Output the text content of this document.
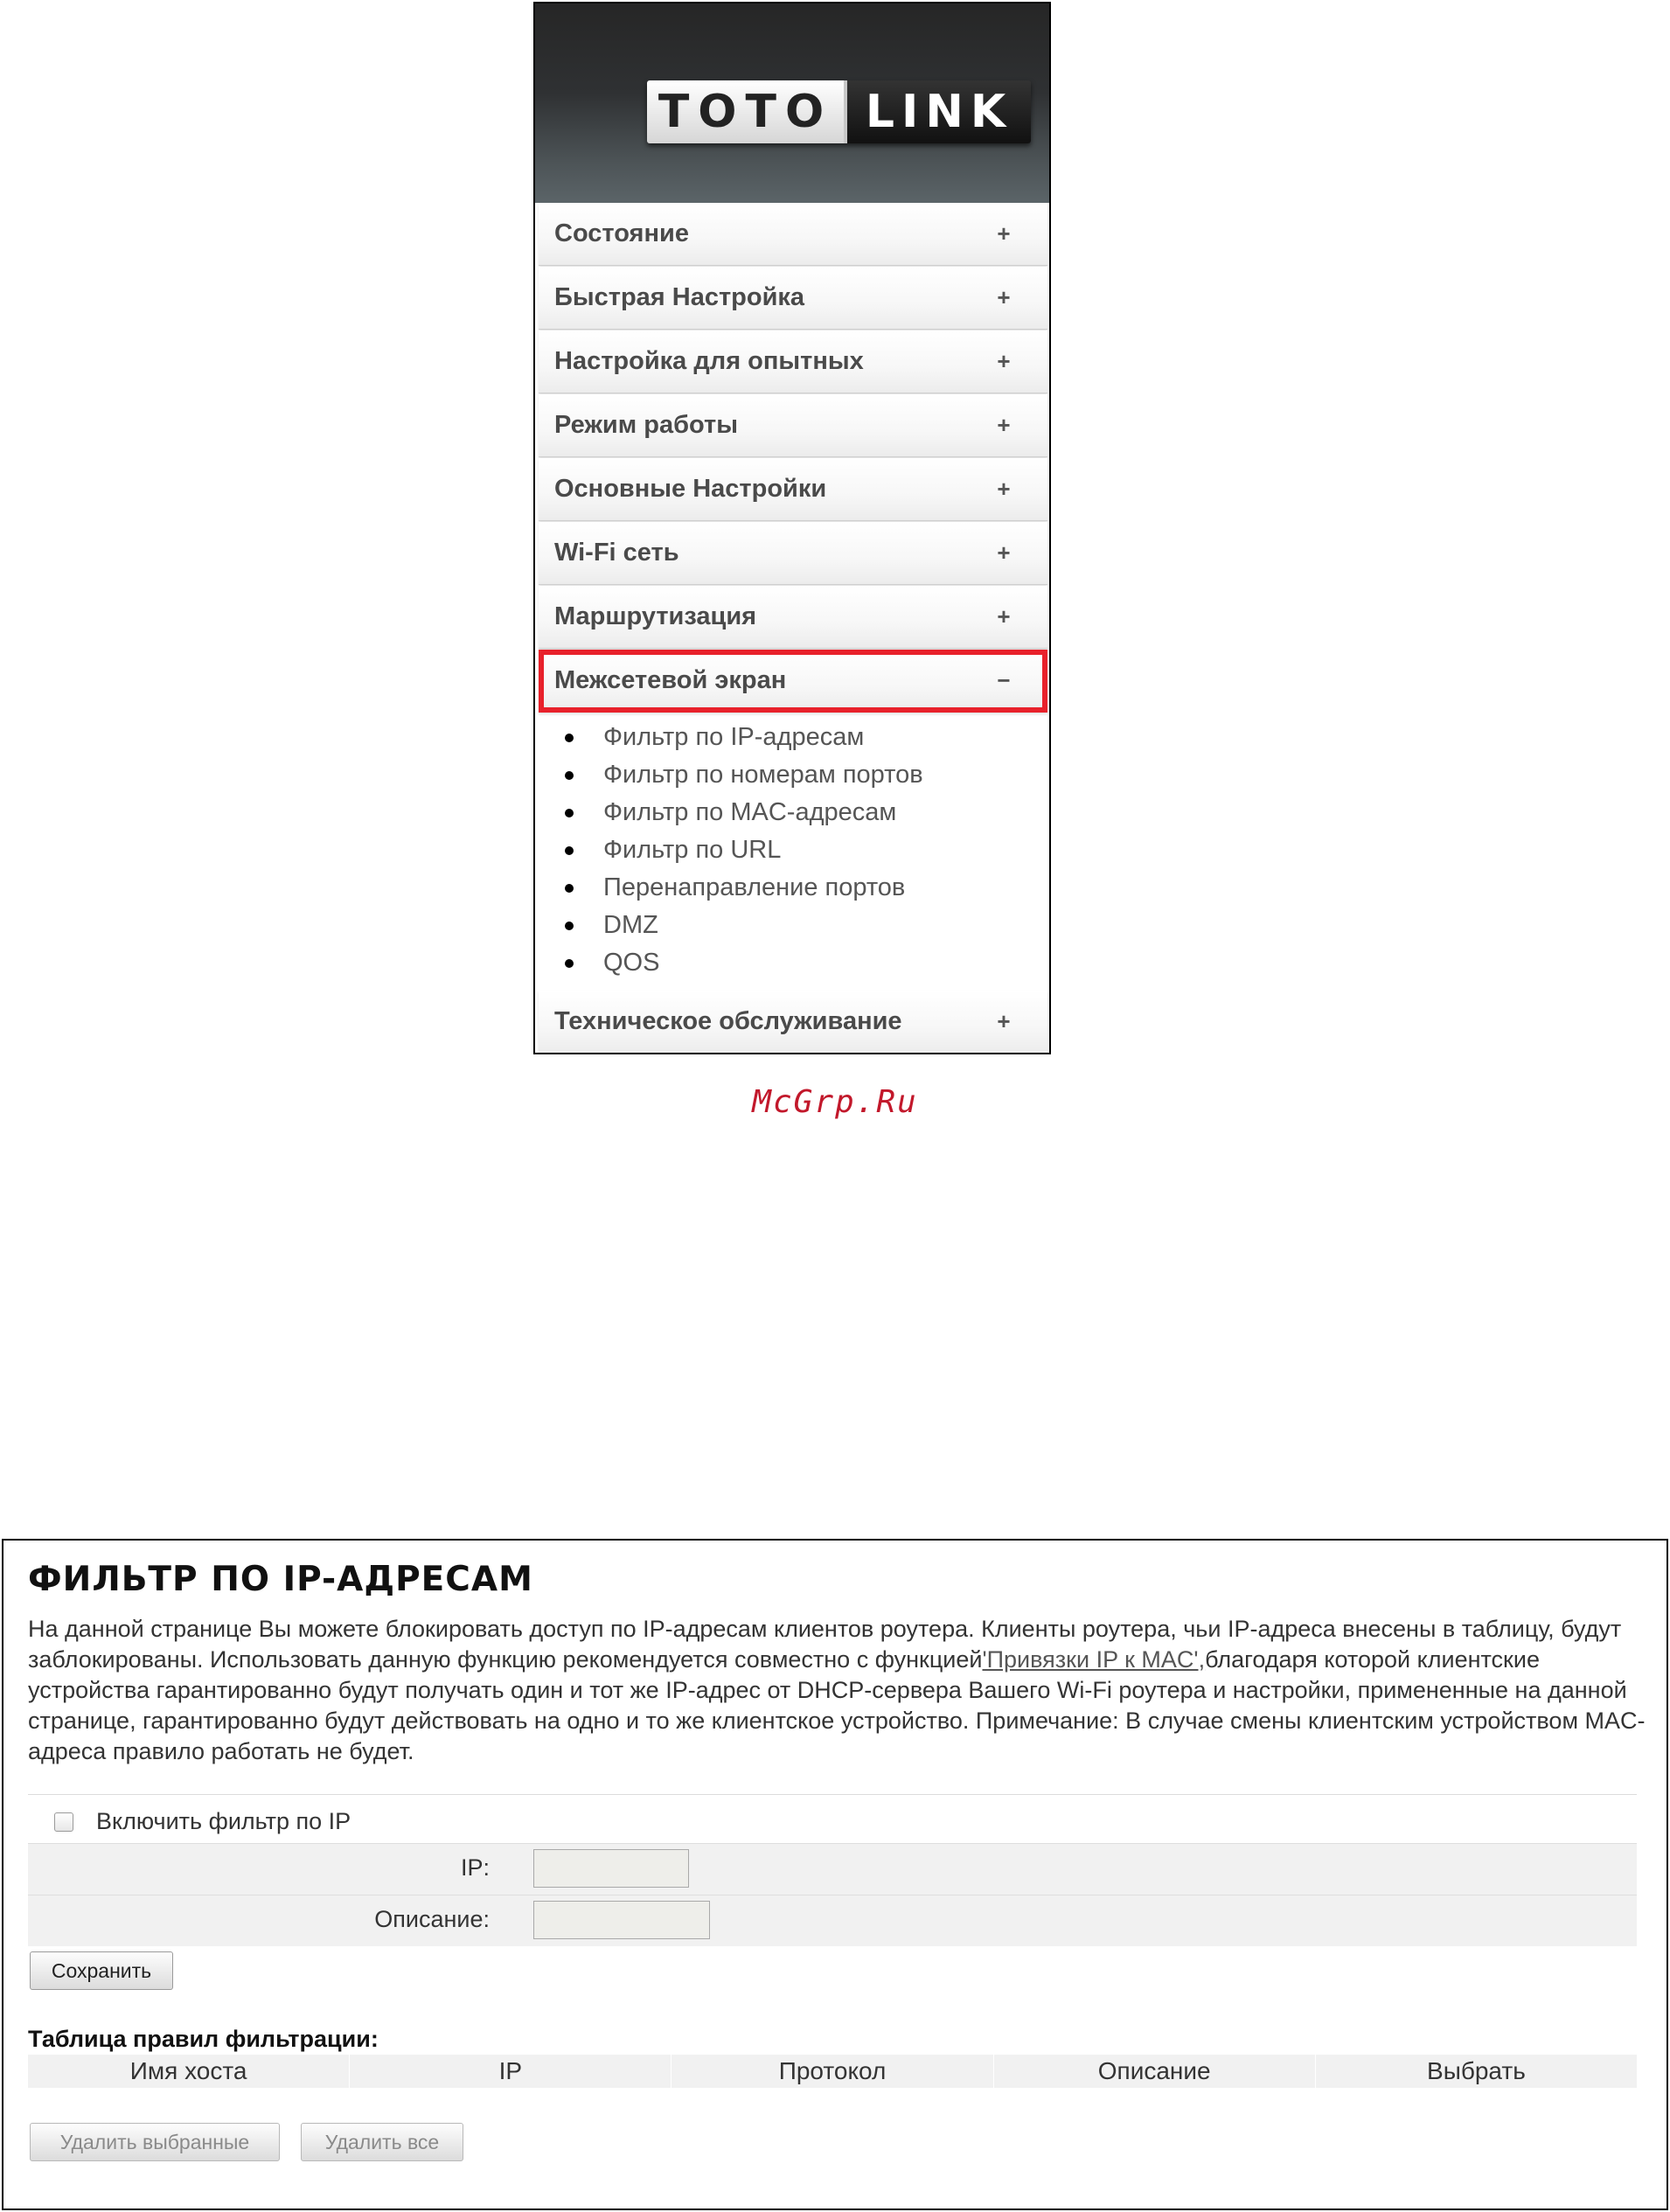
TOTO LINK
Состояние	+
Быстрая Настройка	+
Настройка для опытных	+
Режим работы	+
Основные Настройки	+
Wi-Fi сеть	+
Маршрутизация	+
Межсетевой экран	−
Фильтр по IP-адресам
Фильтр по номерам портов
Фильтр по MAC-адресам
Фильтр по URL
Перенаправление портов
DMZ
QOS
Техническое обслуживание	+
McGrp.Ru
ФИЛЬТР ПО IP-АДРЕСАМ
На данной странице Вы можете блокировать доступ по IP-адресам клиентов роутера. Клиенты роутера, чьи IP-адреса внесены в таблицу, будут заблокированы. Использовать данную функцию рекомендуется совместно с функцией'Привязки IP к MAC',благодаря которой клиентские устройства гарантированно будут получать один и тот же IP-адрес от DHCP-сервера Вашего Wi-Fi роутера и настройки, примененные на данной странице, гарантированно будут действовать на одно и то же клиентское устройство. Примечание: В случае смены клиентским устройством MAC-адреса правило работать не будет.
Включить фильтр по IP
IP:
Описание:
Сохранить
Таблица правил фильтрации:
Имя хоста	IP	Протокол	Описание	Выбрать
Удалить выбранные	Удалить все
